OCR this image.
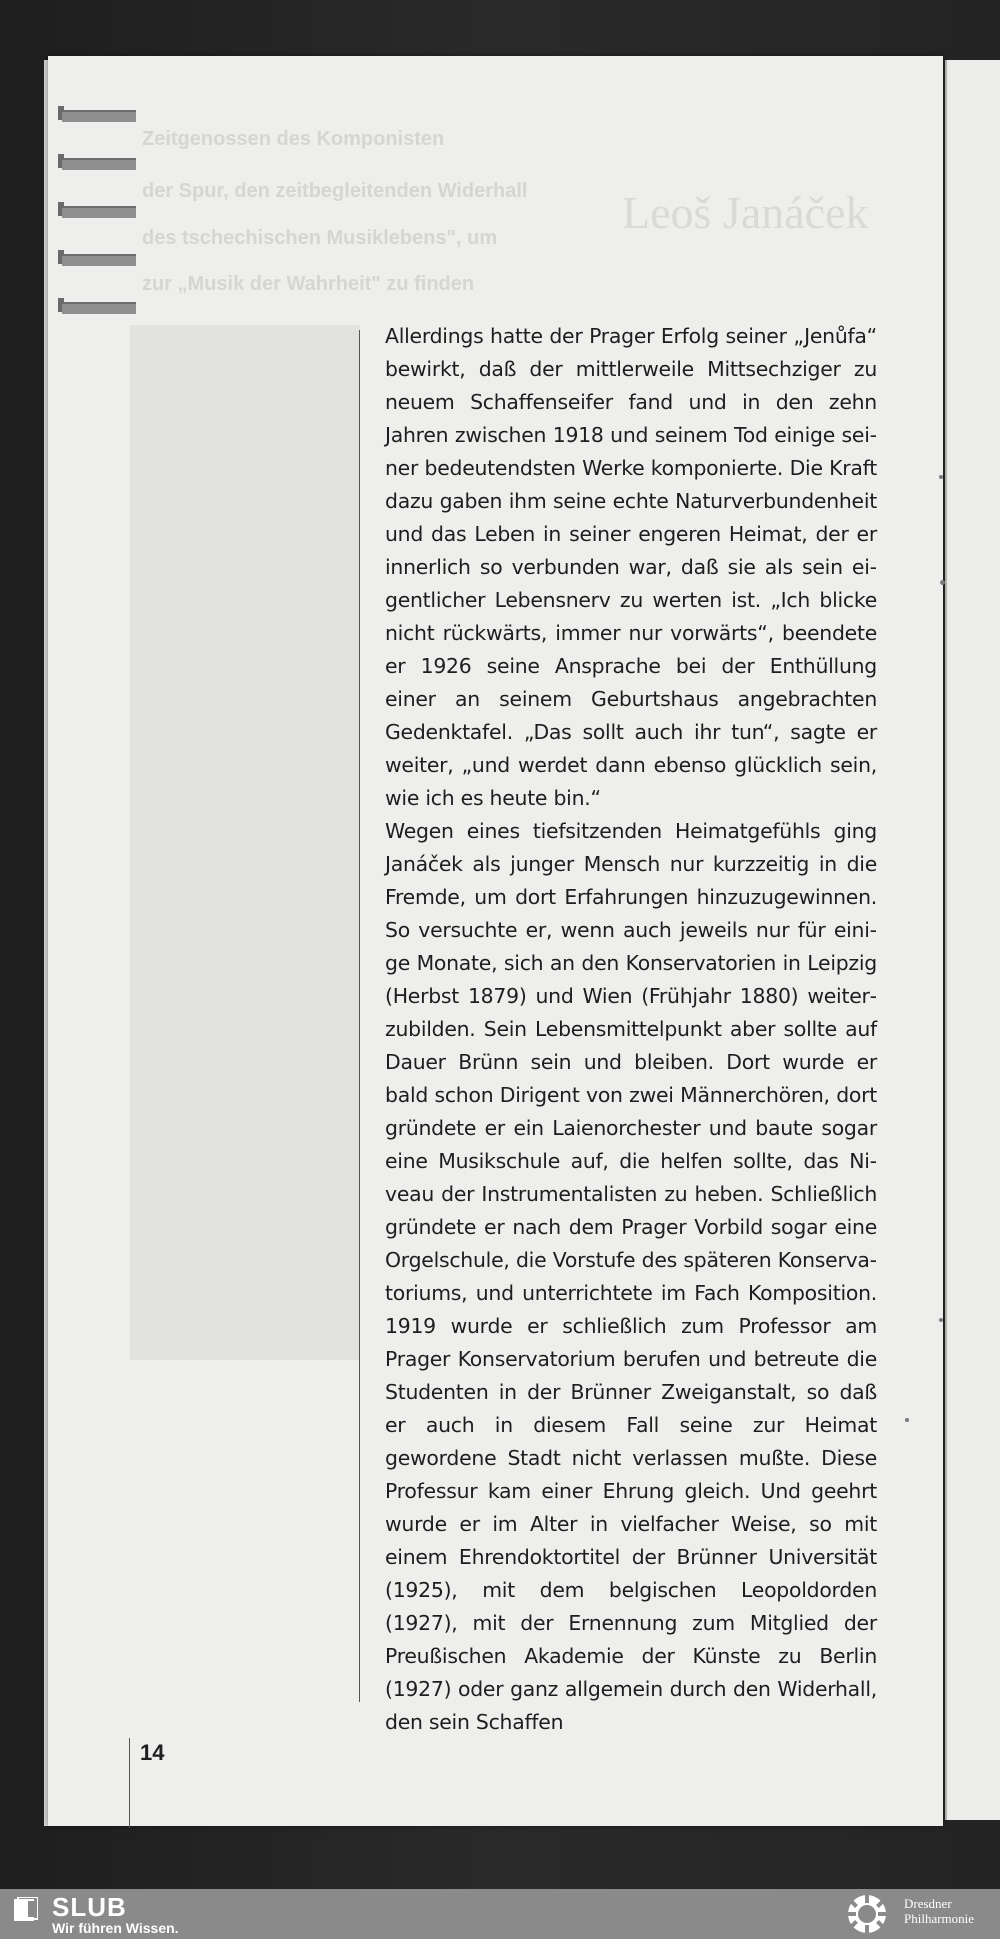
Zeitgenossen des Komponisten
der Spur, den zeitbegleitenden Widerhall
des tschechischen Musiklebens", um
zur „Musik der Wahrheit" zu finden
Leoš Janáček

Allerdings hatte der Prager Erfolg seiner „Jenůfa“ bewirkt, daß der mittlerweile Mittsechziger zu neuem Schaffenseifer fand und in den zehn Jahren zwischen 1918 und seinem Tod einige seiner bedeutendsten Werke komponierte. Die Kraft dazu gaben ihm seine echte Naturverbundenheit und das Leben in seiner engeren Heimat, der er innerlich so verbunden war, daß sie als sein eigentlicher Lebensnerv zu werten ist. „Ich blicke nicht rückwärts, immer nur vorwärts“, beendete er 1926 seine Ansprache bei der Enthüllung einer an seinem Geburtshaus angebrachten Gedenktafel. „Das sollt auch ihr tun“, sagte er weiter, „und werdet dann ebenso glücklich sein, wie ich es heute bin.“

Wegen eines tiefsitzenden Heimatgefühls ging Janáček als junger Mensch nur kurzzeitig in die Fremde, um dort Erfahrungen hinzuzugewinnen. So versuchte er, wenn auch jeweils nur für einige Monate, sich an den Konservatorien in Leipzig (Herbst 1879) und Wien (Frühjahr 1880) weiterzubilden. Sein Lebensmittelpunkt aber sollte auf Dauer Brünn sein und bleiben. Dort wurde er bald schon Dirigent von zwei Männerchören, dort gründete er ein Laienorchester und baute sogar eine Musikschule auf, die helfen sollte, das Niveau der Instrumentalisten zu heben. Schließlich gründete er nach dem Prager Vorbild sogar eine Orgelschule, die Vorstufe des späteren Konservatoriums, und unterrichtete im Fach Komposition. 1919 wurde er schließlich zum Professor am Prager Konservatorium berufen und betreute die Studenten in der Brünner Zweiganstalt, so daß er auch in diesem Fall seine zur Heimat gewordene Stadt nicht verlassen mußte. Diese Professur kam einer Ehrung gleich. Und geehrt wurde er im Alter in vielfacher Weise, so mit einem Ehrendoktortitel der Brünner Universität (1925), mit dem belgischen Leopoldorden (1927), mit der Ernennung zum Mitglied der Preußischen Akademie der Künste zu Berlin (1927) oder ganz allgemein durch den Widerhall, den sein Schaffen

14
SLUB
Wir führen Wissen.
Dresdner
Philharmonie
